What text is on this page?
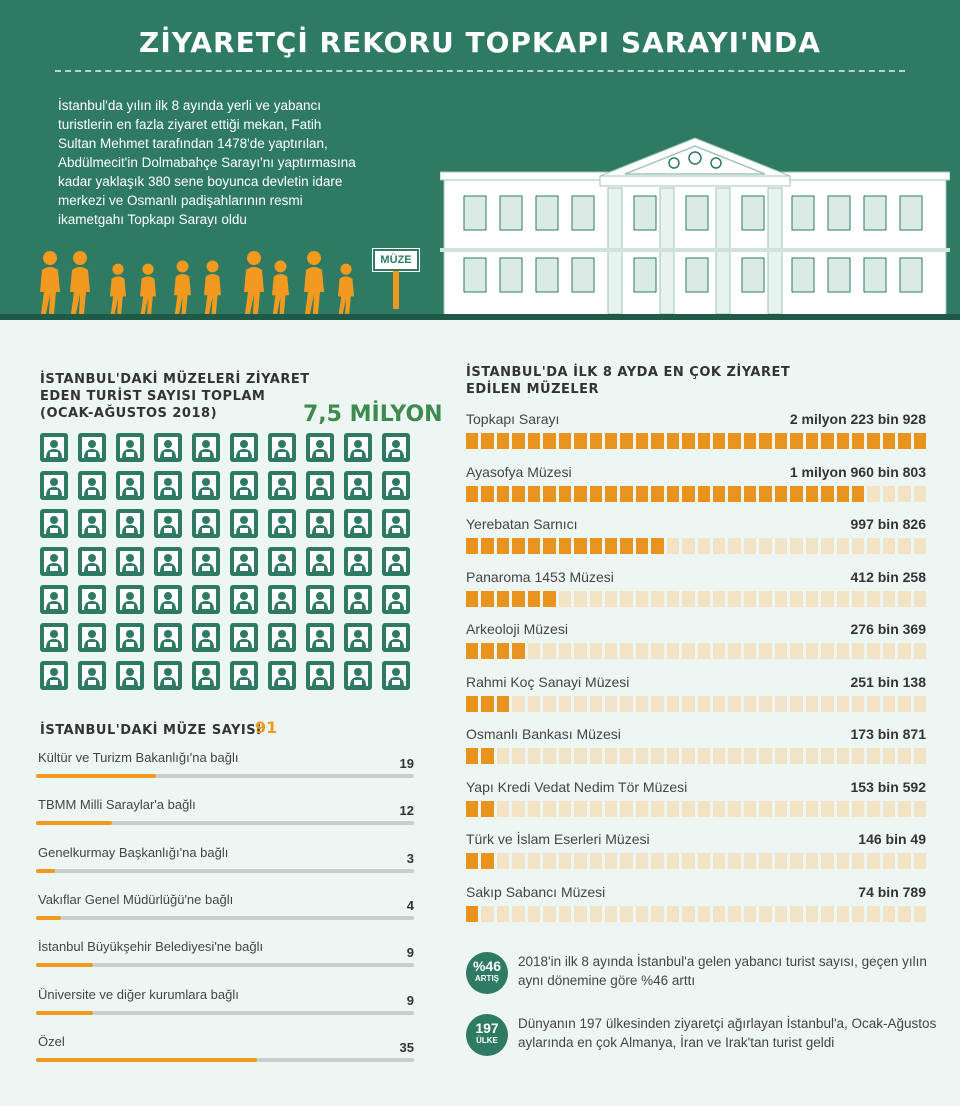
ZİYARETÇİ REKORU TOPKAPI SARAYI'NDA

İstanbul'da yılın ilk 8 ayında yerli ve yabancı turistlerin en fazla ziyaret ettiği mekan, Fatih Sultan Mehmet tarafından 1478'de yaptırılan, Abdülmecit'in Dolmabahçe Sarayı'nı yaptırmasına kadar yaklaşık 380 sene boyunca devletin idare merkezi ve Osmanlı padişahlarının resmi ikametgahı Topkapı Sarayı oldu

MÜZE
İSTANBUL'DAKİ MÜZELERİ ZİYARET EDEN TURİST SAYISI TOPLAM (OCAK-AĞUSTOS 2018)	7,5 MİLYON
İSTANBUL'DAKİ MÜZE SAYISI
91
Kültür ve Turizm Bakanlığı'na bağlı	19
TBMM Milli Saraylar'a bağlı	12
Genelkurmay Başkanlığı'na bağlı	3
Vakıflar Genel Müdürlüğü'ne bağlı	4
İstanbul Büyükşehir Belediyesi'ne bağlı	9
Üniversite ve diğer kurumlara bağlı	9
Özel	35
İSTANBUL'DA İLK 8 AYDA EN ÇOK ZİYARET EDİLEN MÜZELER
Topkapı Sarayı	2 milyon 223 bin 928
Ayasofya Müzesi	1 milyon 960 bin 803
Yerebatan Sarnıcı	997 bin 826
Panaroma 1453 Müzesi	412 bin 258
Arkeoloji Müzesi	276 bin 369
Rahmi Koç Sanayi Müzesi	251 bin 138
Osmanlı Bankası Müzesi	173 bin 871
Yapı Kredi Vedat Nedim Tör Müzesi	153 bin 592
Türk ve İslam Eserleri Müzesi	146 bin 49
Sakıp Sabancı Müzesi	74 bin 789
%46
ARTIŞ

2018'in ilk 8 ayında İstanbul'a gelen yabancı turist sayısı, geçen yılın aynı dönemine göre %46 arttı

197
ÜLKE

Dünyanın 197 ülkesinden ziyaretçi ağırlayan İstanbul'a, Ocak-Ağustos aylarında en çok Almanya, İran ve Irak'tan turist geldi
